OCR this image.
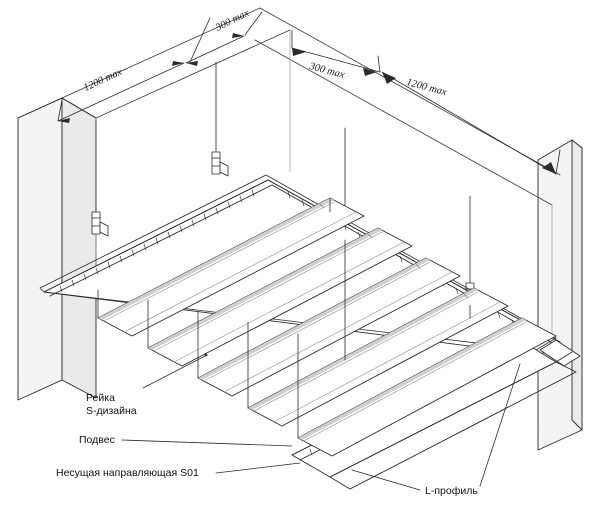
300 max
1200 max	300 max
1200 max
Рейка
S-дизайна
Подвес
Несущая направляющая S01
L-профиль
